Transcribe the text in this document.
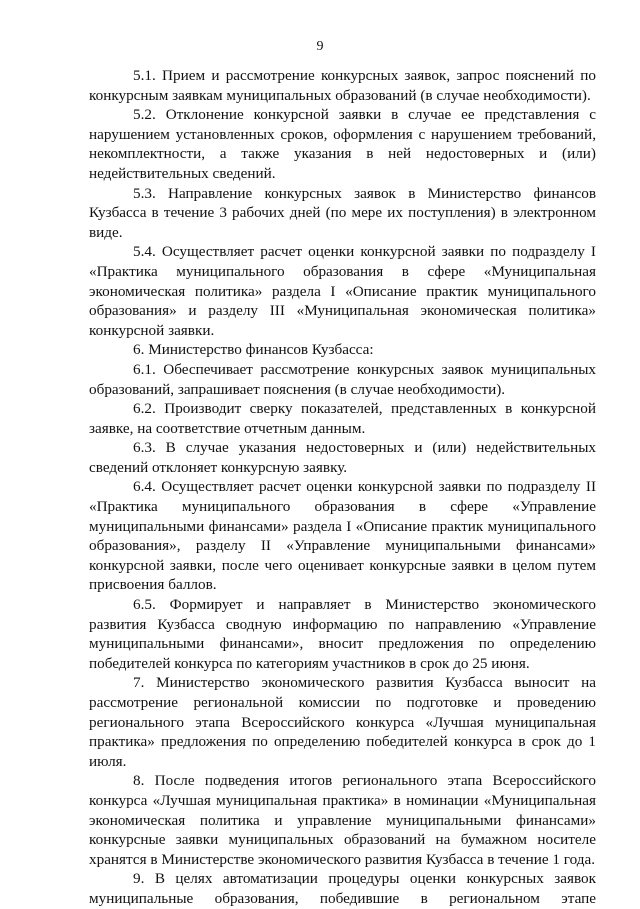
9

5.1. Прием и рассмотрение конкурсных заявок, запрос пояснений по конкурсным заявкам муниципальных образований (в случае необходимости).

5.2. Отклонение конкурсной заявки в случае ее представления с нарушением установленных сроков, оформления с нарушением требований, некомплектности, а также указания в ней недостоверных и (или) недействительных сведений.

5.3. Направление конкурсных заявок в Министерство финансов Кузбасса в течение 3 рабочих дней (по мере их поступления) в электронном виде.

5.4. Осуществляет расчет оценки конкурсной заявки по подразделу I «Практика муниципального образования в сфере «Муниципальная экономическая политика» раздела I «Описание практик муниципального образования» и разделу III «Муниципальная экономическая политика» конкурсной заявки.

6. Министерство финансов Кузбасса:

6.1. Обеспечивает рассмотрение конкурсных заявок муниципальных образований, запрашивает пояснения (в случае необходимости).

6.2. Производит сверку показателей, представленных в конкурсной заявке, на соответствие отчетным данным.

6.3. В случае указания недостоверных и (или) недействительных сведений отклоняет конкурсную заявку.

6.4. Осуществляет расчет оценки конкурсной заявки по подразделу II «Практика муниципального образования в сфере «Управление муниципальными финансами» раздела I «Описание практик муниципального образования», разделу II «Управление муниципальными финансами» конкурсной заявки, после чего оценивает конкурсные заявки в целом путем присвоения баллов.

6.5. Формирует и направляет в Министерство экономического развития Кузбасса сводную информацию по направлению «Управление муниципальными финансами», вносит предложения по определению победителей конкурса по категориям участников в срок до 25 июня.

7. Министерство экономического развития Кузбасса выносит на рассмотрение региональной комиссии по подготовке и проведению регионального этапа Всероссийского конкурса «Лучшая муниципальная практика» предложения по определению победителей конкурса в срок до 1 июля.

8. После подведения итогов регионального этапа Всероссийского конкурса «Лучшая муниципальная практика» в номинации «Муниципальная экономическая политика и управление муниципальными финансами» конкурсные заявки муниципальных образований на бумажном носителе хранятся в Министерстве экономического развития Кузбасса в течение 1 года.

9. В целях автоматизации процедуры оценки конкурсных заявок муниципальные образования, победившие в региональном этапе
